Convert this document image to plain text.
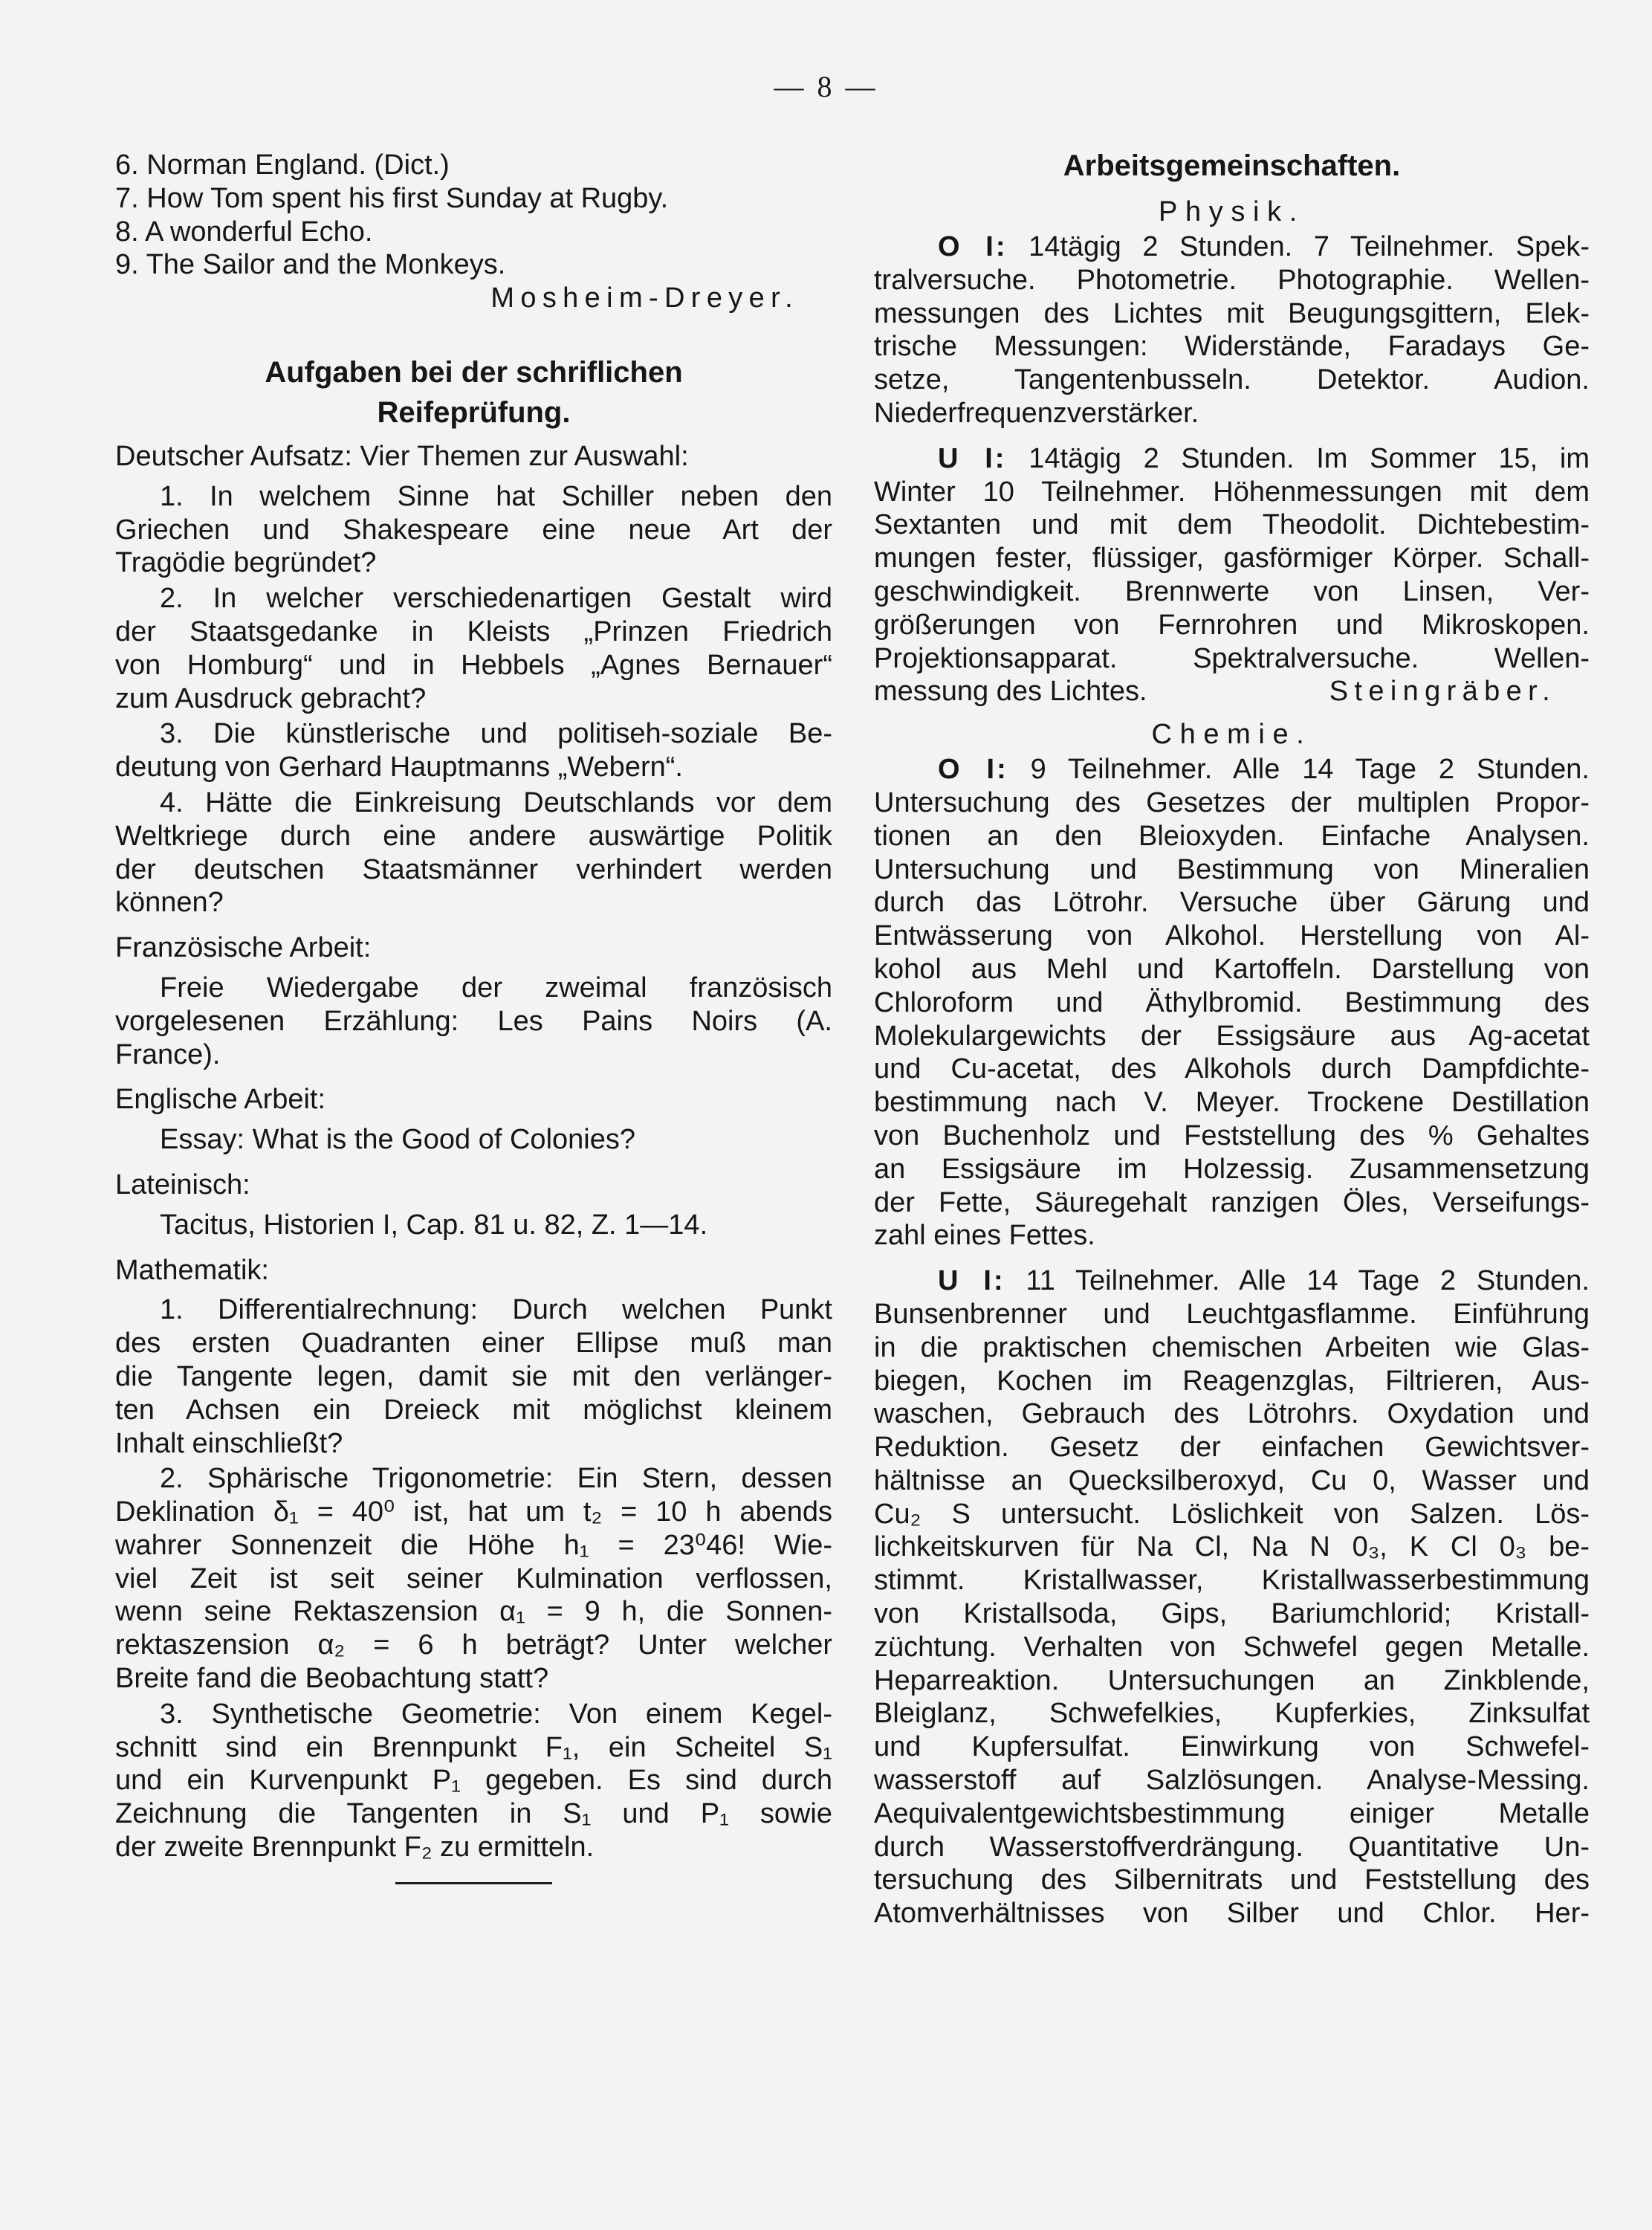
— 8 —
6. Norman England. (Dict.)
7. How Tom spent his first Sunday at Rugby.
8. A wonderful Echo.
9. The Sailor and the Monkeys.
Mosheim-Dreyer.
Aufgaben bei der schriflichen
Reifeprüfung.
Deutscher Aufsatz: Vier Themen zur Auswahl:
1. In welchem Sinne hat Schiller neben den
Griechen und Shakespeare eine neue Art der
Tragödie begründet?
2. In welcher verschiedenartigen Gestalt wird
der Staatsgedanke in Kleists „Prinzen Friedrich
von Homburg“ und in Hebbels „Agnes Bernauer“
zum Ausdruck gebracht?
3. Die künstlerische und politiseh-soziale Be-
deutung von Gerhard Hauptmanns „Webern“.
4. Hätte die Einkreisung Deutschlands vor dem
Weltkriege durch eine andere auswärtige Politik
der deutschen Staatsmänner verhindert werden
können?
Französische Arbeit:
Freie Wiedergabe der zweimal französisch
vorgelesenen Erzählung: Les Pains Noirs (A.
France).
Englische Arbeit:
Essay: What is the Good of Colonies?
Lateinisch:
Tacitus, Historien I, Cap. 81 u. 82, Z. 1—14.
Mathematik:
1. Differentialrechnung: Durch welchen Punkt
des ersten Quadranten einer Ellipse muß man
die Tangente legen, damit sie mit den verlänger-
ten Achsen ein Dreieck mit möglichst kleinem
Inhalt einschließt?
2. Sphärische Trigonometrie: Ein Stern, dessen
Deklination δ₁ = 40⁰ ist, hat um t₂ = 10 h abends
wahrer Sonnenzeit die Höhe h₁ = 23⁰46! Wie-
viel Zeit ist seit seiner Kulmination verflossen,
wenn seine Rektaszension α₁ = 9 h, die Sonnen-
rektaszension α₂ = 6 h beträgt? Unter welcher
Breite fand die Beobachtung statt?
3. Synthetische Geometrie: Von einem Kegel-
schnitt sind ein Brennpunkt F₁, ein Scheitel S₁
und ein Kurvenpunkt P₁ gegeben. Es sind durch
Zeichnung die Tangenten in S₁ und P₁ sowie
der zweite Brennpunkt F₂ zu ermitteln.
Arbeitsgemeinschaften.
Physik.
O I: 14tägig 2 Stunden. 7 Teilnehmer. Spek-
tralversuche. Photometrie. Photographie. Wellen-
messungen des Lichtes mit Beugungsgittern, Elek-
trische Messungen: Widerstände, Faradays Ge-
setze, Tangentenbusseln. Detektor. Audion.
Niederfrequenzverstärker.
U I: 14tägig 2 Stunden. Im Sommer 15, im
Winter 10 Teilnehmer. Höhenmessungen mit dem
Sextanten und mit dem Theodolit. Dichtebestim-
mungen fester, flüssiger, gasförmiger Körper. Schall-
geschwindigkeit. Brennwerte von Linsen, Ver-
größerungen von Fernrohren und Mikroskopen.
Projektionsapparat. Spektralversuche. Wellen-
messung des Lichtes.	Steingräber.
Chemie.
O I: 9 Teilnehmer. Alle 14 Tage 2 Stunden.
Untersuchung des Gesetzes der multiplen Propor-
tionen an den Bleioxyden. Einfache Analysen.
Untersuchung und Bestimmung von Mineralien
durch das Lötrohr. Versuche über Gärung und
Entwässerung von Alkohol. Herstellung von Al-
kohol aus Mehl und Kartoffeln. Darstellung von
Chloroform und Äthylbromid. Bestimmung des
Molekulargewichts der Essigsäure aus Ag-acetat
und Cu-acetat, des Alkohols durch Dampfdichte-
bestimmung nach V. Meyer. Trockene Destillation
von Buchenholz und Feststellung des % Gehaltes
an Essigsäure im Holzessig. Zusammensetzung
der Fette, Säuregehalt ranzigen Öles, Verseifungs-
zahl eines Fettes.
U I: 11 Teilnehmer. Alle 14 Tage 2 Stunden.
Bunsenbrenner und Leuchtgasflamme. Einführung
in die praktischen chemischen Arbeiten wie Glas-
biegen, Kochen im Reagenzglas, Filtrieren, Aus-
waschen, Gebrauch des Lötrohrs. Oxydation und
Reduktion. Gesetz der einfachen Gewichtsver-
hältnisse an Quecksilberoxyd, Cu 0, Wasser und
Cu₂ S untersucht. Löslichkeit von Salzen. Lös-
lichkeitskurven für Na Cl, Na N 0₃, K Cl 0₃ be-
stimmt. Kristallwasser, Kristallwasserbestimmung
von Kristallsoda, Gips, Bariumchlorid; Kristall-
züchtung. Verhalten von Schwefel gegen Metalle.
Heparreaktion. Untersuchungen an Zinkblende,
Bleiglanz, Schwefelkies, Kupferkies, Zinksulfat
und Kupfersulfat. Einwirkung von Schwefel-
wasserstoff auf Salzlösungen. Analyse-Messing.
Aequivalentgewichtsbestimmung einiger Metalle
durch Wasserstoffverdrängung. Quantitative Un-
tersuchung des Silbernitrats und Feststellung des
Atomverhältnisses von Silber und Chlor. Her-
